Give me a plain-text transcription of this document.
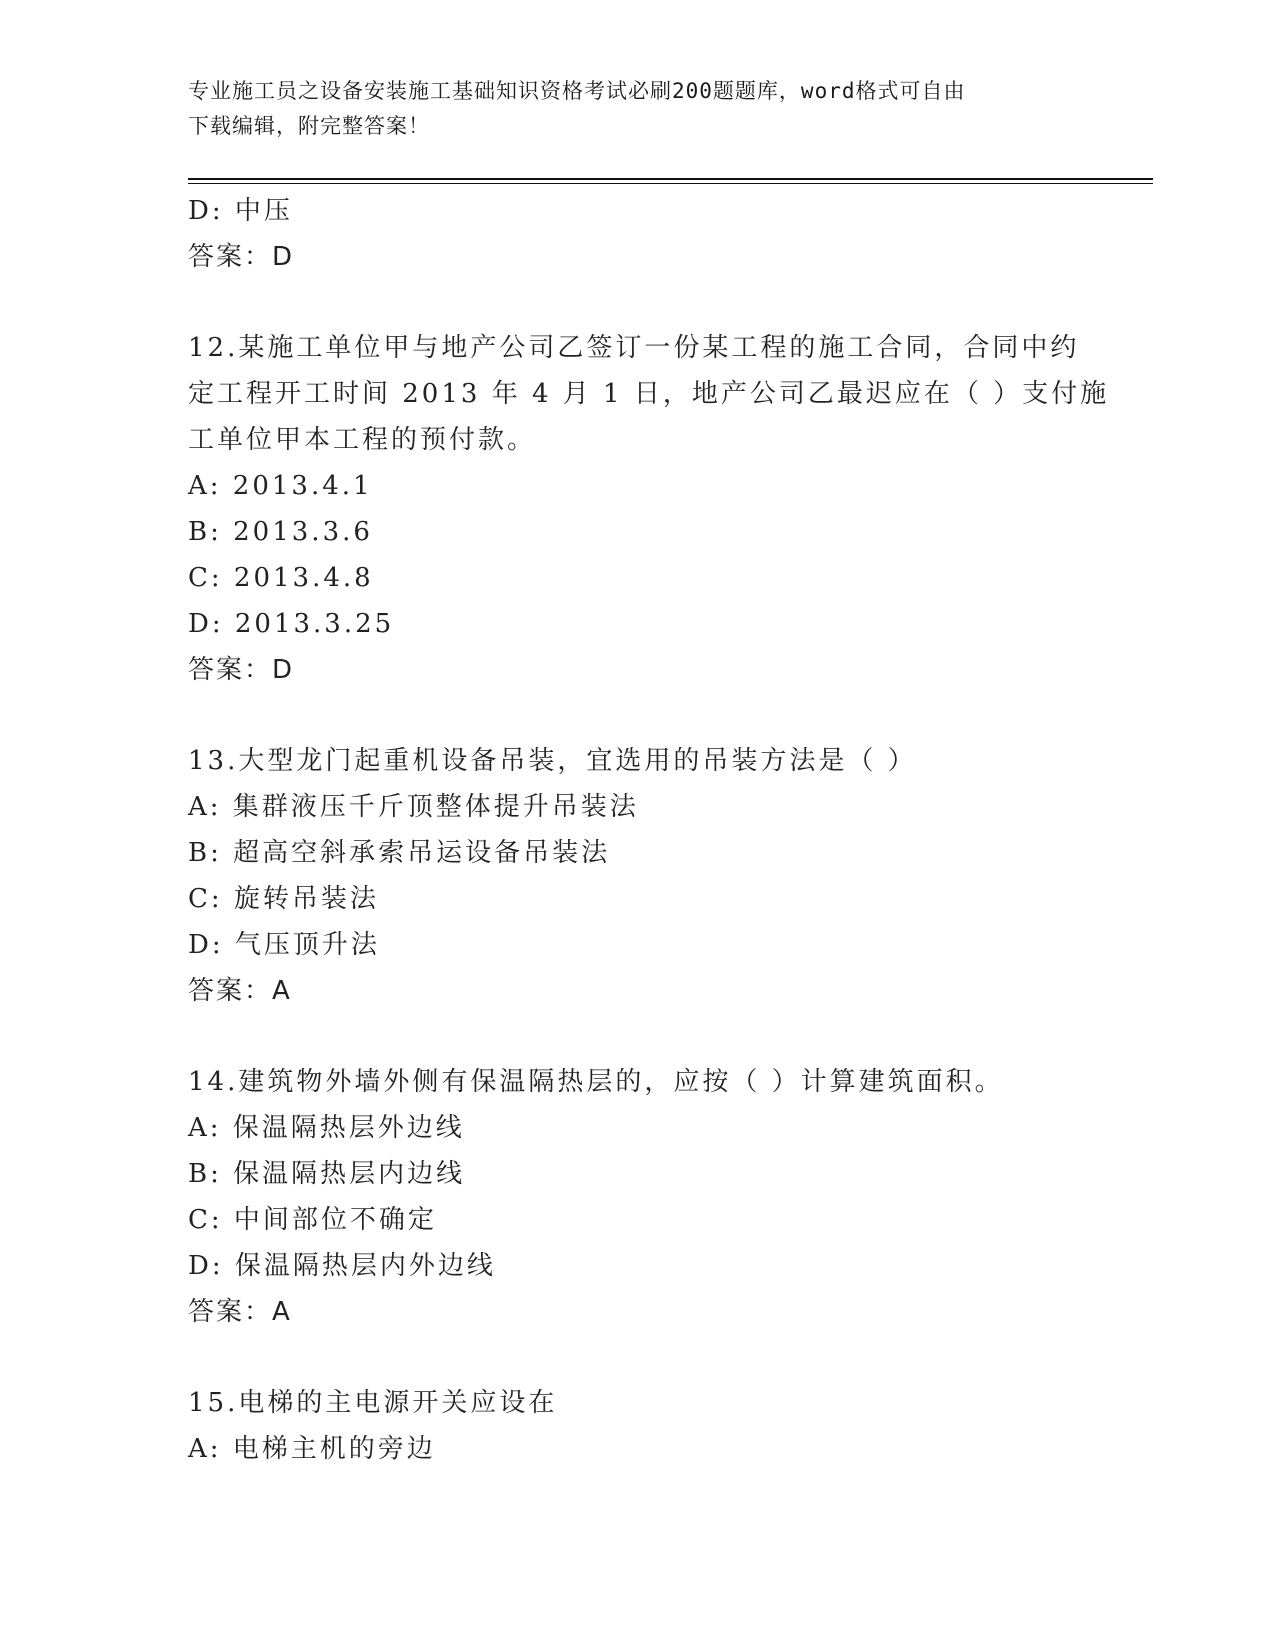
专业施工员之设备安装施工基础知识资格考试必刷200题题库，word格式可自由
下载编辑，附完整答案！
D: 中压
答案：D
12.某施工单位甲与地产公司乙签订一份某工程的施工合同，合同中约
定工程开工时间 2013 年 4 月 1 日，地产公司乙最迟应在（ ）支付施
工单位甲本工程的预付款。
A: 2013.4.1
B: 2013.3.6
C: 2013.4.8
D: 2013.3.25
答案：D
13.大型龙门起重机设备吊装，宜选用的吊装方法是（ ）
A: 集群液压千斤顶整体提升吊装法
B: 超高空斜承索吊运设备吊装法
C: 旋转吊装法
D: 气压顶升法
答案：A
14.建筑物外墙外侧有保温隔热层的，应按（ ）计算建筑面积。
A: 保温隔热层外边线
B: 保温隔热层内边线
C: 中间部位不确定
D: 保温隔热层内外边线
答案：A
15.电梯的主电源开关应设在
A: 电梯主机的旁边
